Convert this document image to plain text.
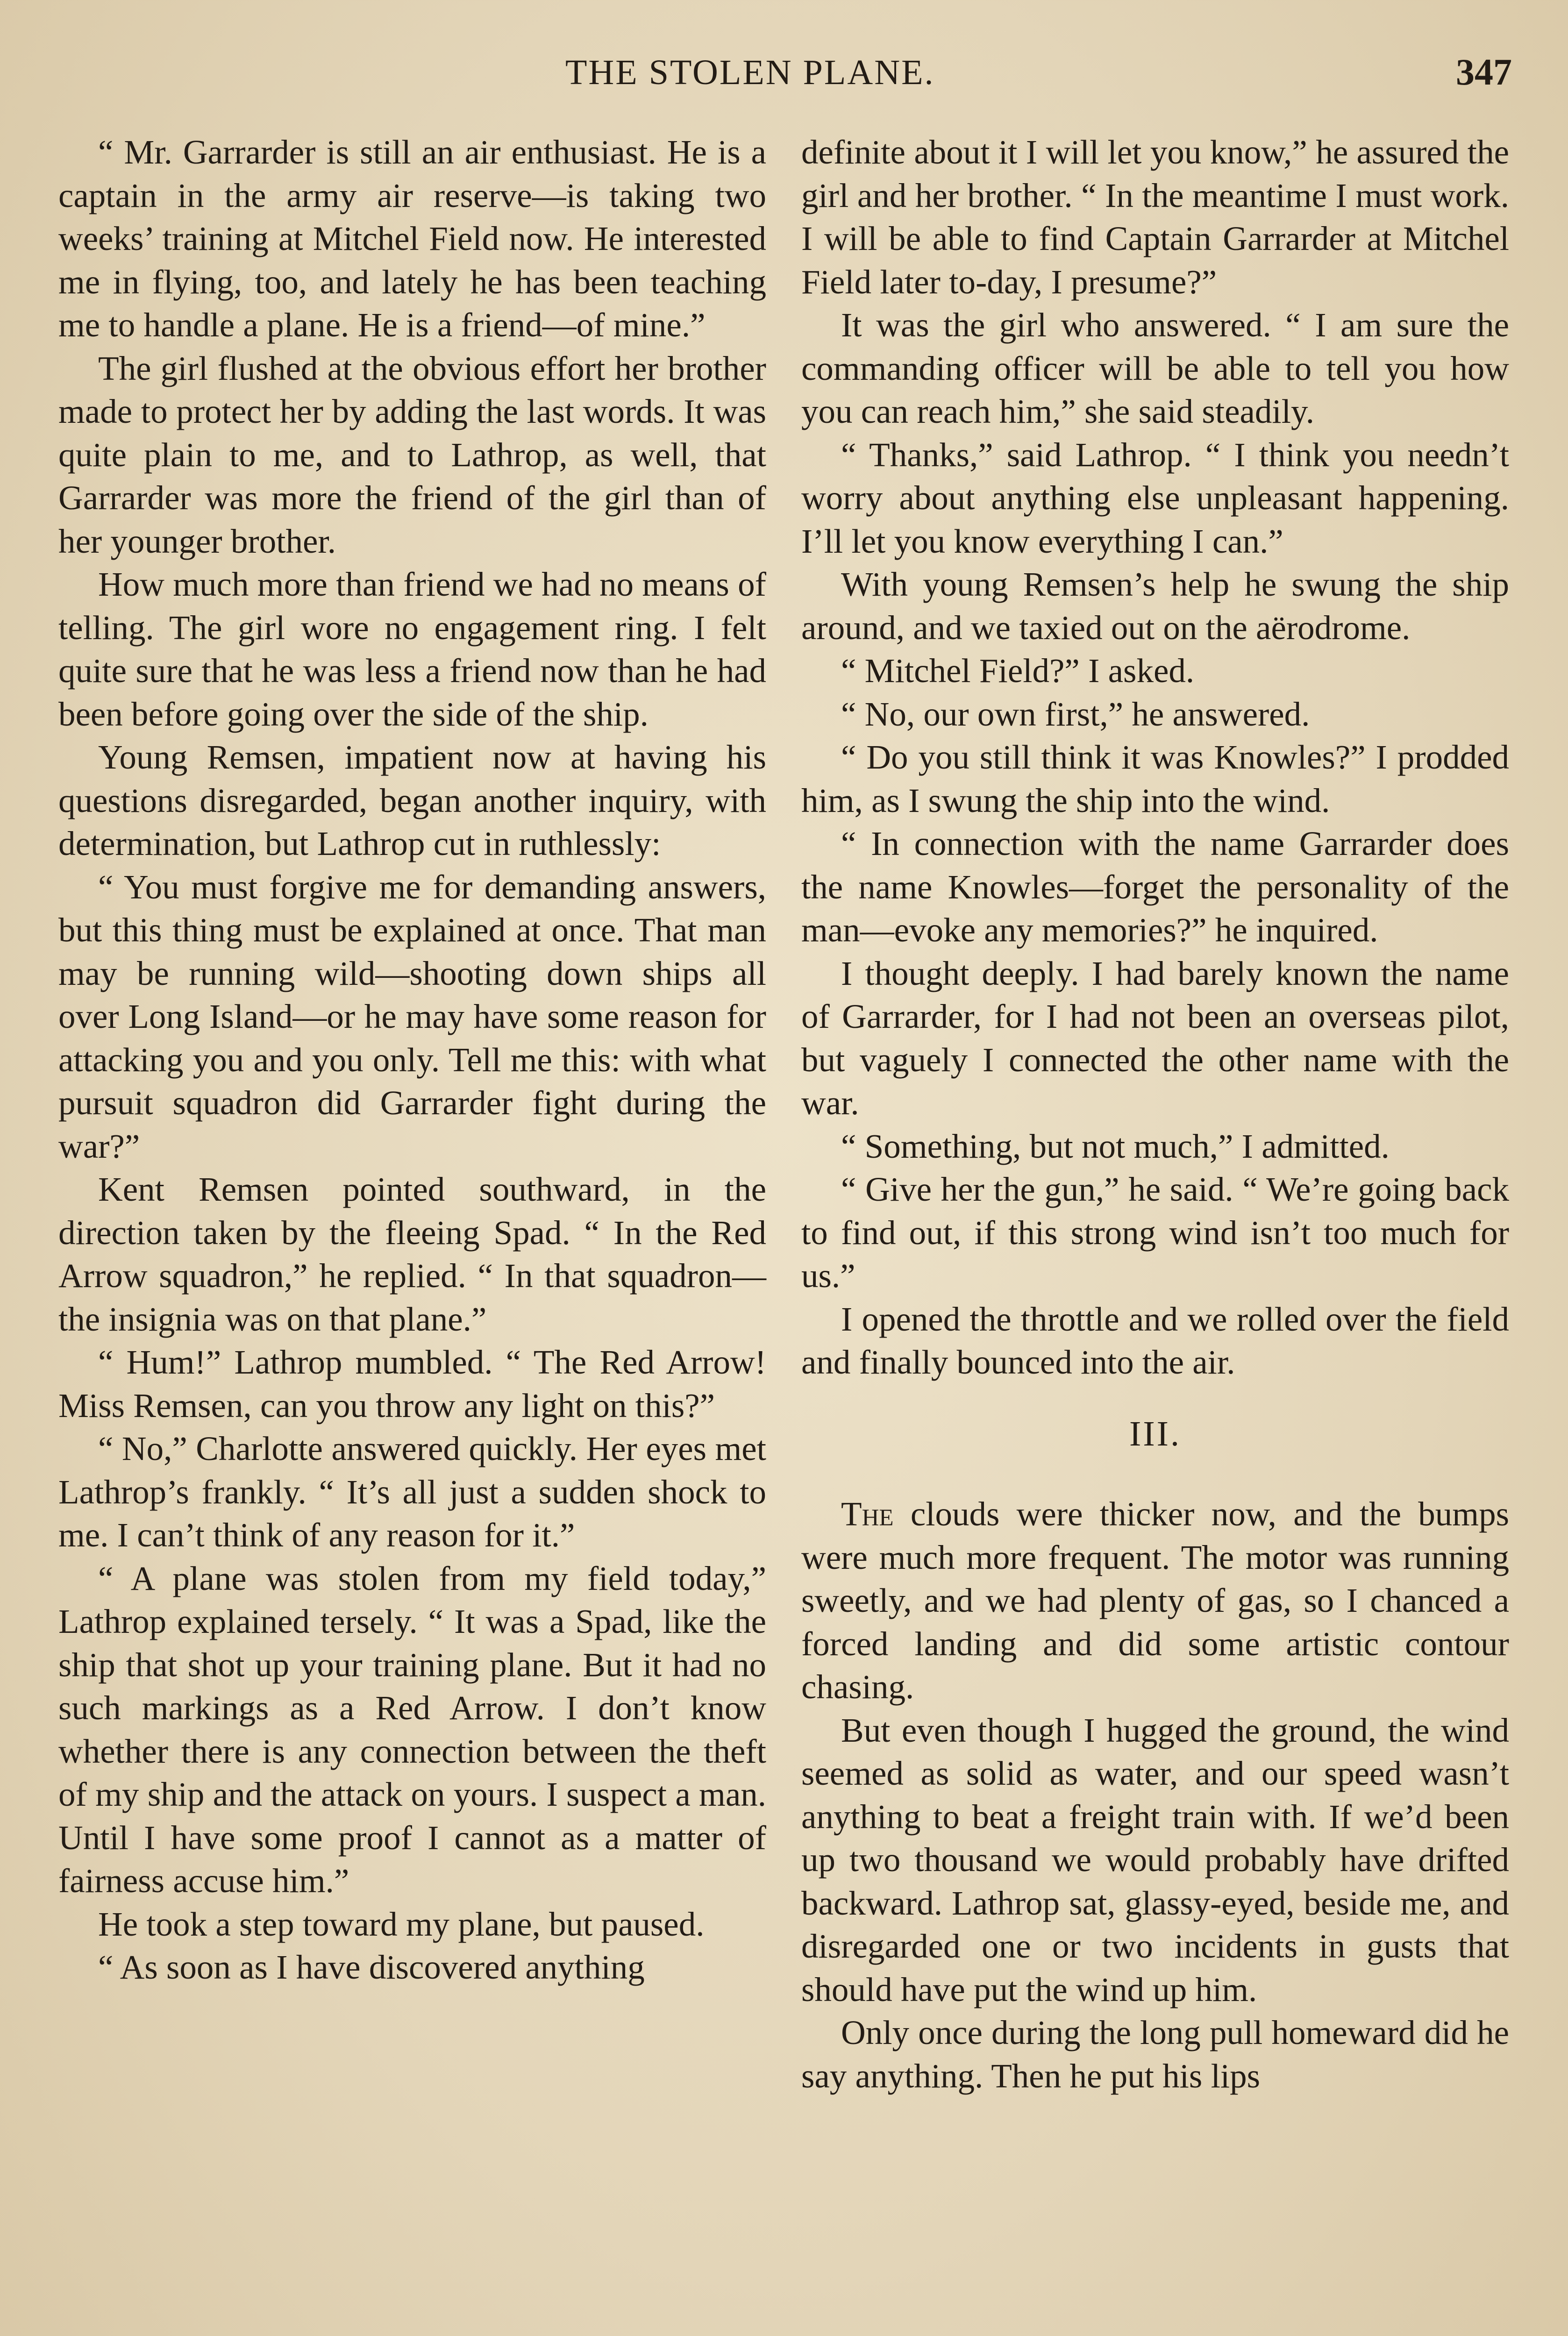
THE STOLEN PLANE.	347

“ Mr. Garrarder is still an air enthusiast. He is a captain in the army air reserve—is taking two weeks’ training at Mitchel Field now. He interested me in flying, too, and lately he has been teaching me to handle a plane. He is a friend—of mine.”

The girl flushed at the obvious effort her brother made to protect her by adding the last words. It was quite plain to me, and to Lathrop, as well, that Garrarder was more the friend of the girl than of her younger brother.

How much more than friend we had no means of telling. The girl wore no engagement ring. I felt quite sure that he was less a friend now than he had been before going over the side of the ship.

Young Remsen, impatient now at having his questions disregarded, began another inquiry, with determination, but Lathrop cut in ruthlessly:

“ You must forgive me for demanding answers, but this thing must be explained at once. That man may be running wild—shooting down ships all over Long Island—or he may have some reason for attacking you and you only. Tell me this: with what pursuit squadron did Garrarder fight during the war?”

Kent Remsen pointed southward, in the direction taken by the fleeing Spad. “ In the Red Arrow squadron,” he replied. “ In that squadron—the insignia was on that plane.”

“ Hum!” Lathrop mumbled. “ The Red Arrow! Miss Remsen, can you throw any light on this?”

“ No,” Charlotte answered quickly. Her eyes met Lathrop’s frankly. “ It’s all just a sudden shock to me. I can’t think of any reason for it.”

“ A plane was stolen from my field today,” Lathrop explained tersely. “ It was a Spad, like the ship that shot up your training plane. But it had no such markings as a Red Arrow. I don’t know whether there is any connection between the theft of my ship and the attack on yours. I suspect a man. Until I have some proof I cannot as a matter of fairness accuse him.”

He took a step toward my plane, but paused.

“ As soon as I have discovered anything

definite about it I will let you know,” he assured the girl and her brother. “ In the meantime I must work. I will be able to find Captain Garrarder at Mitchel Field later to-day, I presume?”

It was the girl who answered. “ I am sure the commanding officer will be able to tell you how you can reach him,” she said steadily.

“ Thanks,” said Lathrop. “ I think you needn’t worry about anything else unpleasant happening. I’ll let you know everything I can.”

With young Remsen’s help he swung the ship around, and we taxied out on the aërodrome.

“ Mitchel Field?” I asked.

“ No, our own first,” he answered.

“ Do you still think it was Knowles?” I prodded him, as I swung the ship into the wind.

“ In connection with the name Garrarder does the name Knowles—forget the personality of the man—evoke any memories?” he inquired.

I thought deeply. I had barely known the name of Garrarder, for I had not been an overseas pilot, but vaguely I connected the other name with the war.

“ Something, but not much,” I admitted.

“ Give her the gun,” he said. “ We’re going back to find out, if this strong wind isn’t too much for us.”

I opened the throttle and we rolled over the field and finally bounced into the air.

III.

The clouds were thicker now, and the bumps were much more frequent. The motor was running sweetly, and we had plenty of gas, so I chanced a forced landing and did some artistic contour chasing.

But even though I hugged the ground, the wind seemed as solid as water, and our speed wasn’t anything to beat a freight train with. If we’d been up two thousand we would probably have drifted backward. Lathrop sat, glassy-eyed, beside me, and disregarded one or two incidents in gusts that should have put the wind up him.

Only once during the long pull homeward did he say anything. Then he put his lips
